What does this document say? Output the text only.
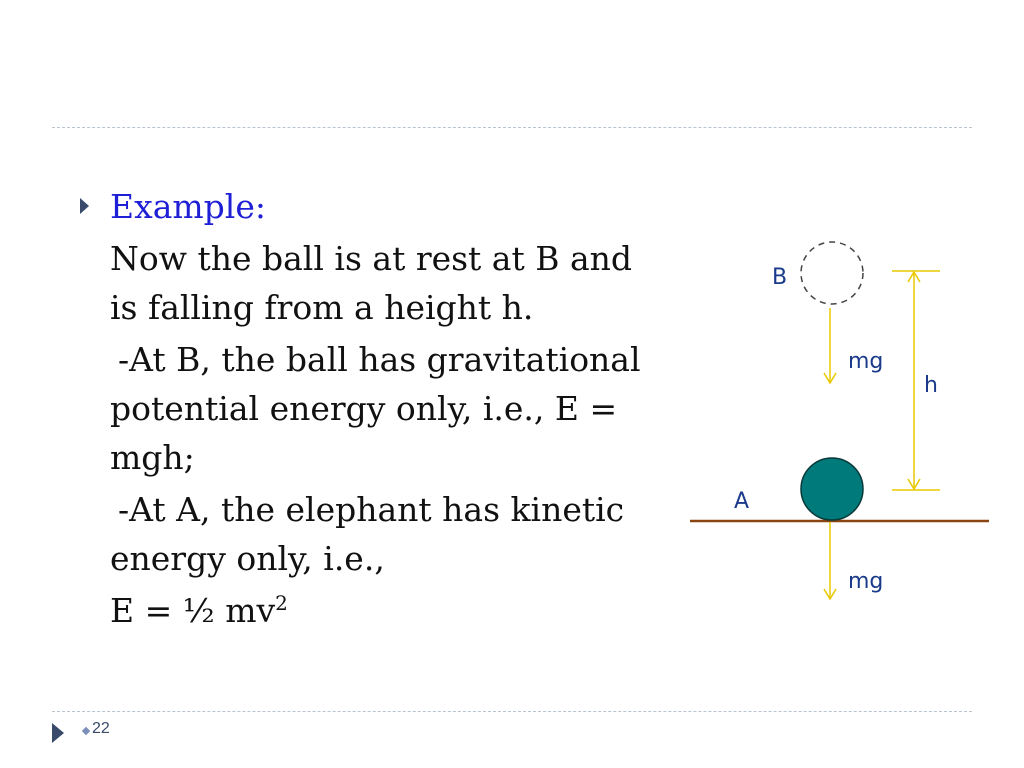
Example:
Now the ball is at rest at B and is falling from a height h.
-At B, the ball has gravitational potential energy only, i.e., E = mgh;
-At A, the elephant has kinetic energy only, i.e.,
E = ½ $mv^2$
B
mg
h
A
mg
22
